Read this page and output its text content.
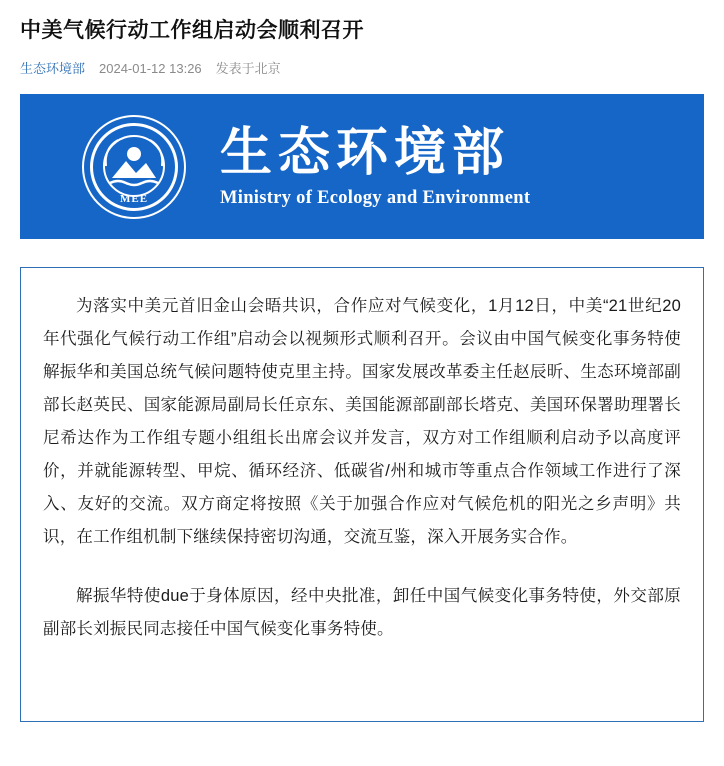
中美气候行动工作组启动会顺利召开
生态环境部 2024-01-12 13:26 发表于北京
MEE
生态环境部
Ministry of Ecology and Environment

为落实中美元首旧金山会晤共识，合作应对气候变化，1月12日，中美“21世纪20年代强化气候行动工作组”启动会以视频形式顺利召开。会议由中国气候变化事务特使解振华和美国总统气候问题特使克里主持。国家发展改革委主任赵辰昕、生态环境部副部长赵英民、国家能源局副局长任京东、美国能源部副部长塔克、美国环保署助理署长尼希达作为工作组专题小组组长出席会议并发言，双方对工作组顺利启动予以高度评价，并就能源转型、甲烷、循环经济、低碳省/州和城市等重点合作领域工作进行了深入、友好的交流。双方商定将按照《关于加强合作应对气候危机的阳光之乡声明》共识，在工作组机制下继续保持密切沟通，交流互鉴，深入开展务实合作。

解振华特使due于身体原因，经中央批准，卸任中国气候变化事务特使，外交部原副部长刘振民同志接任中国气候变化事务特使。
